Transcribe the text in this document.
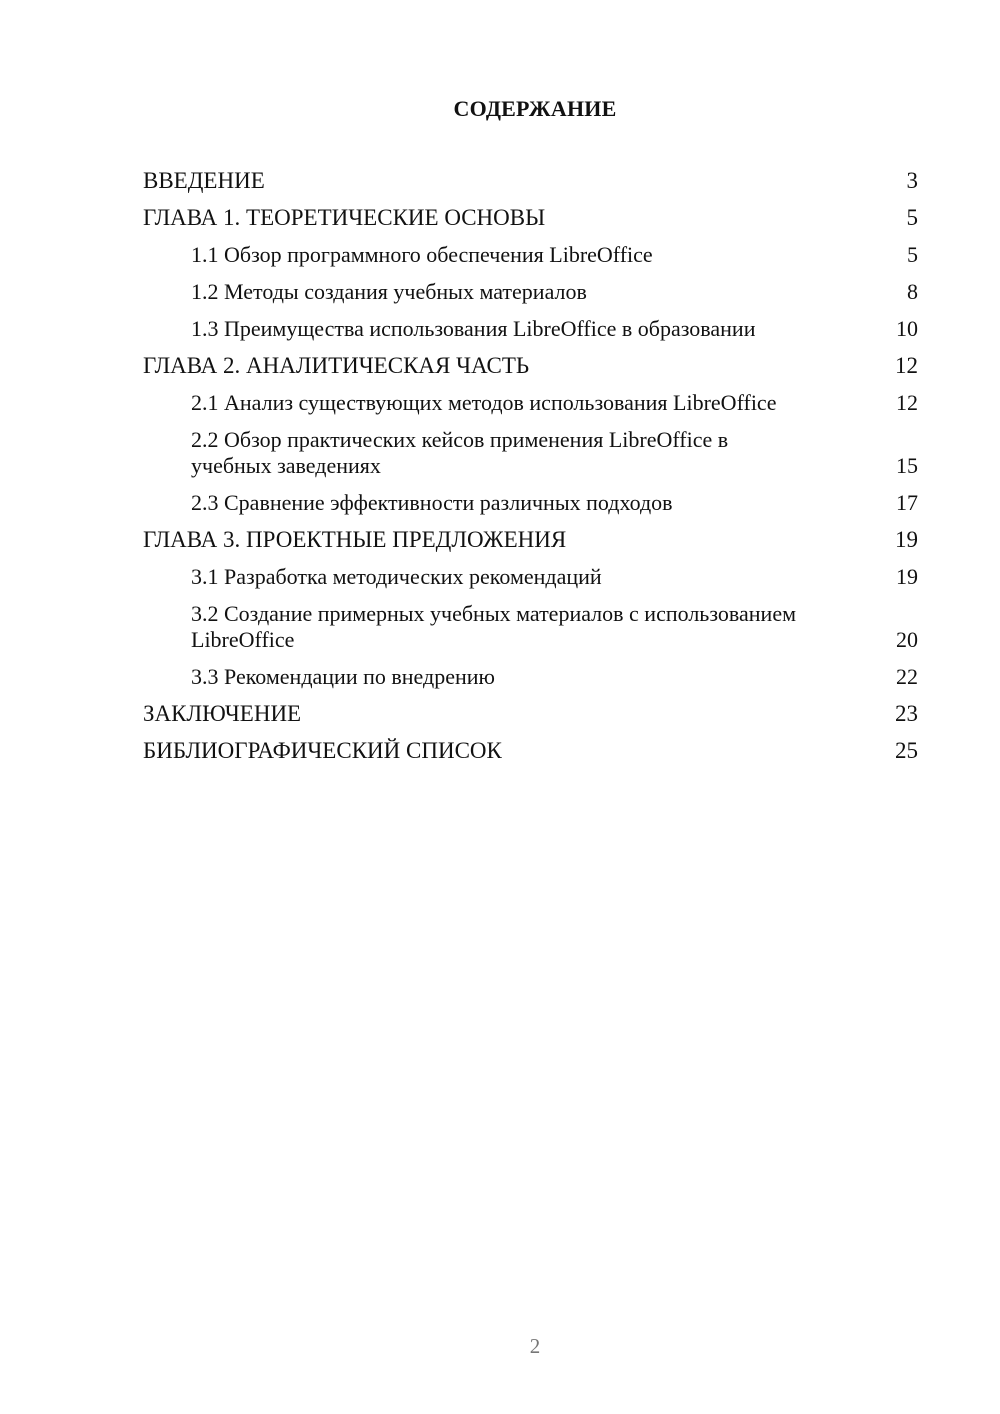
СОДЕРЖАНИЕ
ВВЕДЕНИЕ	3
ГЛАВА 1. ТЕОРЕТИЧЕСКИЕ ОСНОВЫ	5
1.1 Обзор программного обеспечения LibreOffice	5
1.2 Методы создания учебных материалов	8
1.3 Преимущества использования LibreOffice в образовании	10
ГЛАВА 2. АНАЛИТИЧЕСКАЯ ЧАСТЬ	12
2.1 Анализ существующих методов использования LibreOffice	12
2.2 Обзор практических кейсов применения LibreOffice в учебных заведениях	15
2.3 Сравнение эффективности различных подходов	17
ГЛАВА 3. ПРОЕКТНЫЕ ПРЕДЛОЖЕНИЯ	19
3.1 Разработка методических рекомендаций	19
3.2 Создание примерных учебных материалов с использованием LibreOffice	20
3.3 Рекомендации по внедрению	22
ЗАКЛЮЧЕНИЕ	23
БИБЛИОГРАФИЧЕСКИЙ СПИСОК	25
2
